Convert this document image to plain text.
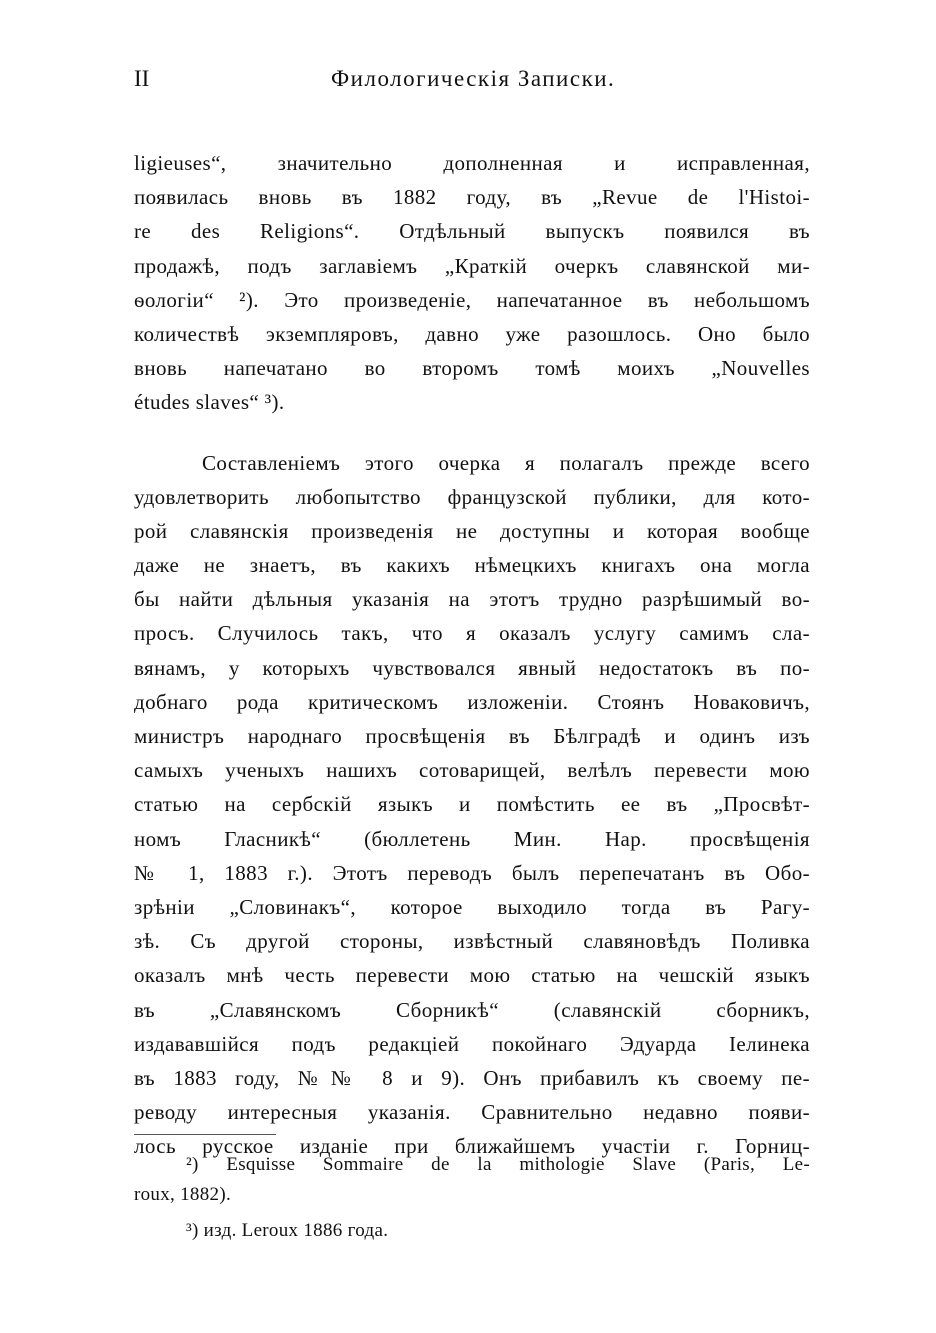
II	Филологическія Записки.
ligieuses“, значительно дополненная и исправленная,
появилась вновь въ 1882 году, въ „Revue de l'Histoi-
re des Religions“. Отдѣльный выпускъ появился въ
продажѣ, подъ заглавіемъ „Краткій очеркъ славянской ми-
ѳологіи“ ²). Это произведеніе, напечатанное въ небольшомъ
количествѣ экземпляровъ, давно уже разошлось. Оно было
вновь напечатано во второмъ томѣ моихъ „Nouvelles
études slaves“ ³).
Составленіемъ этого очерка я полагалъ прежде всего
удовлетворить любопытство французской публики, для кото-
рой славянскія произведенія не доступны и которая вообще
даже не знаетъ, въ какихъ нѣмецкихъ книгахъ она могла
бы найти дѣльныя указанія на этотъ трудно разрѣшимый во-
просъ. Случилось такъ, что я оказалъ услугу самимъ сла-
вянамъ, у которыхъ чувствовался явный недостатокъ въ по-
добнаго рода критическомъ изложеніи. Стоянъ Новаковичъ,
министръ народнаго просвѣщенія въ Бѣлградѣ и одинъ изъ
самыхъ ученыхъ нашихъ сотоварищей, велѣлъ перевести мою
статью на сербскій языкъ и помѣстить ее въ „Просвѣт-
номъ Гласникѣ“ (бюллетень Мин. Нар. просвѣщенія
№ 1, 1883 г.). Этотъ переводъ былъ перепечатанъ въ Обо-
зрѣніи „Словинакъ“, которое выходило тогда въ Рагу-
зѣ. Съ другой стороны, извѣстный славяновѣдъ Поливка
оказалъ мнѣ честь перевести мою статью на чешскій языкъ
въ „Славянскомъ Сборникѣ“ (славянскій сборникъ,
издававшійся подъ редакціей покойнаго Эдуарда Іелинека
въ 1883 году, №№ 8 и 9). Онъ прибавилъ къ своему пе-
реводу интересныя указанія. Сравнительно недавно появи-
лось русское изданіе при ближайшемъ участіи г. Горниц-
²) Esquisse Sommaire de la mithologie Slave (Paris, Le-
roux, 1882).
³) изд. Leroux 1886 года.
